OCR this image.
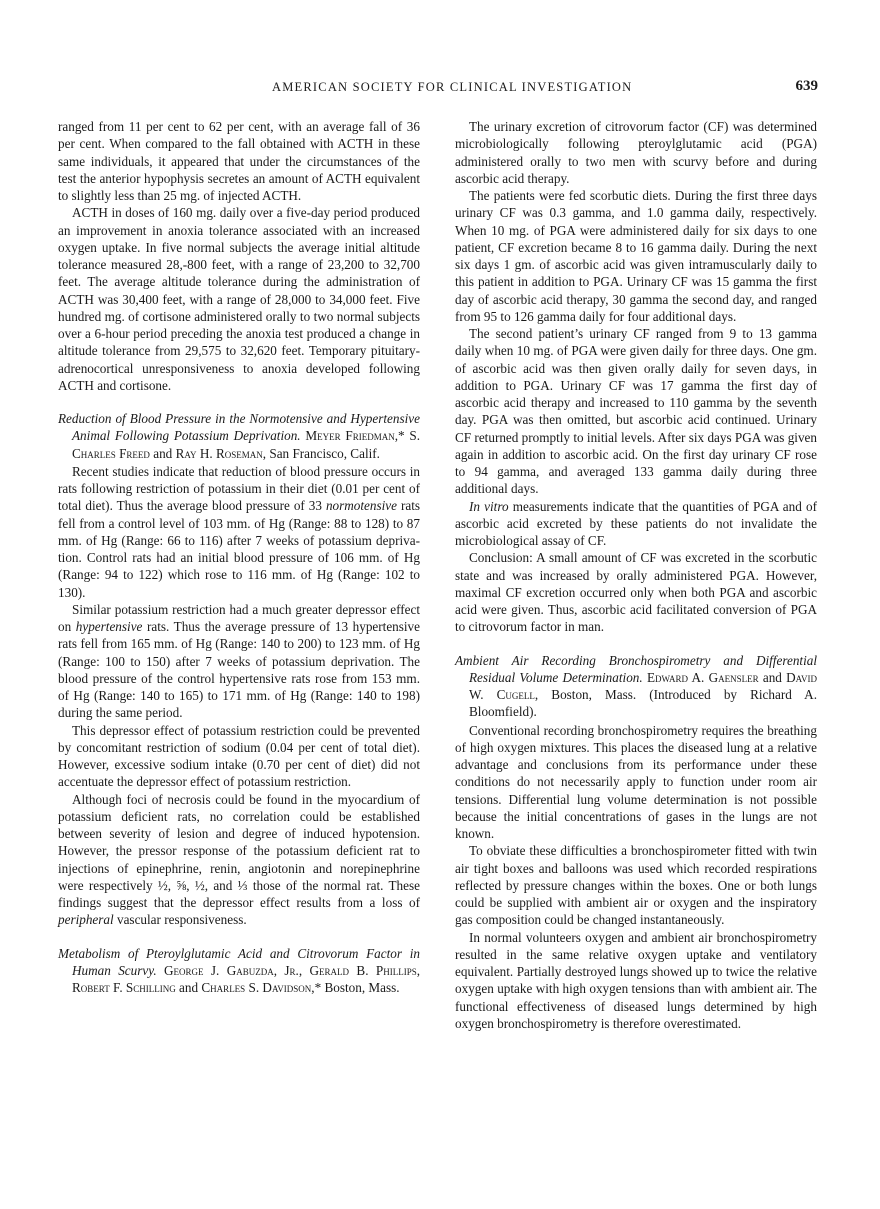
AMERICAN SOCIETY FOR CLINICAL INVESTIGATION	639

ranged from 11 per cent to 62 per cent, with an average fall of 36 per cent. When compared to the fall obtained with ACTH in these same individuals, it appeared that under the circumstances of the test the anterior hypophysis secretes an amount of ACTH equivalent to slightly less than 25 mg. of injected ACTH.

ACTH in doses of 160 mg. daily over a five-day period produced an improvement in anoxia tolerance associated with an increased oxygen uptake. In five normal subjects the average initial altitude tolerance measured 28,-800 feet, with a range of 23,200 to 32,700 feet. The average altitude tolerance during the administration of ACTH was 30,400 feet, with a range of 28,000 to 34,000 feet. Five hundred mg. of cortisone administered orally to two normal subjects over a 6-hour period preceding the anoxia test produced a change in altitude tolerance from 29,575 to 32,620 feet. Temporary pituitary-adrenocortical unresponsiveness to anoxia developed following ACTH and cortisone.

Reduction of Blood Pressure in the Normotensive and Hypertensive Animal Following Potassium Deprivation. Meyer Friedman,* S. Charles Freed and Ray H. Roseman, San Francisco, Calif.

Recent studies indicate that reduction of blood pressure occurs in rats following restriction of potassium in their diet (0.01 per cent of total diet). Thus the average blood pressure of 33 normotensive rats fell from a control level of 103 mm. of Hg (Range: 88 to 128) to 87 mm. of Hg (Range: 66 to 116) after 7 weeks of potassium deprivation. Control rats had an initial blood pressure of 106 mm. of Hg (Range: 94 to 122) which rose to 116 mm. of Hg (Range: 102 to 130).

Similar potassium restriction had a much greater depressor effect on hypertensive rats. Thus the average pressure of 13 hypertensive rats fell from 165 mm. of Hg (Range: 140 to 200) to 123 mm. of Hg (Range: 100 to 150) after 7 weeks of potassium deprivation. The blood pressure of the control hypertensive rats rose from 153 mm. of Hg (Range: 140 to 165) to 171 mm. of Hg (Range: 140 to 198) during the same period.

This depressor effect of potassium restriction could be prevented by concomitant restriction of sodium (0.04 per cent of total diet). However, excessive sodium intake (0.70 per cent of diet) did not accentuate the depressor effect of potassium restriction.

Although foci of necrosis could be found in the myocardium of potassium deficient rats, no correlation could be established between severity of lesion and degree of induced hypotension. However, the pressor response of the potassium deficient rat to injections of epinephrine, renin, angiotonin and norepinephrine were respectively ½, ⅝, ½, and ⅓ those of the normal rat. These findings suggest that the depressor effect results from a loss of peripheral vascular responsiveness.

Metabolism of Pteroylglutamic Acid and Citrovorum Factor in Human Scurvy. George J. Gabuzda, Jr., Gerald B. Phillips, Robert F. Schilling and Charles S. Davidson,* Boston, Mass.

The urinary excretion of citrovorum factor (CF) was determined microbiologically following pteroylglutamic acid (PGA) administered orally to two men with scurvy before and during ascorbic acid therapy.

The patients were fed scorbutic diets. During the first three days urinary CF was 0.3 gamma, and 1.0 gamma daily, respectively. When 10 mg. of PGA were administered daily for six days to one patient, CF excretion became 8 to 16 gamma daily. During the next six days 1 gm. of ascorbic acid was given intramuscularly daily to this patient in addition to PGA. Urinary CF was 15 gamma the first day of ascorbic acid therapy, 30 gamma the second day, and ranged from 95 to 126 gamma daily for four additional days.

The second patient’s urinary CF ranged from 9 to 13 gamma daily when 10 mg. of PGA were given daily for three days. One gm. of ascorbic acid was then given orally daily for seven days, in addition to PGA. Urinary CF was 17 gamma the first day of ascorbic acid therapy and increased to 110 gamma by the seventh day. PGA was then omitted, but ascorbic acid continued. Urinary CF returned promptly to initial levels. After six days PGA was given again in addition to ascorbic acid. On the first day urinary CF rose to 94 gamma, and averaged 133 gamma daily during three additional days.

In vitro measurements indicate that the quantities of PGA and of ascorbic acid excreted by these patients do not invalidate the microbiological assay of CF.

Conclusion: A small amount of CF was excreted in the scorbutic state and was increased by orally administered PGA. However, maximal CF excretion occurred only when both PGA and ascorbic acid were given. Thus, ascorbic acid facilitated conversion of PGA to citrovorum factor in man.

Ambient Air Recording Bronchospirometry and Differential Residual Volume Determination. Edward A. Gaensler and David W. Cugell, Boston, Mass. (Introduced by Richard A. Bloomfield).

Conventional recording bronchospirometry requires the breathing of high oxygen mixtures. This places the diseased lung at a relative advantage and conclusions from its performance under these conditions do not necessarily apply to function under room air tensions. Differential lung volume determination is not possible because the initial concentrations of gases in the lungs are not known.

To obviate these difficulties a bronchospirometer fitted with twin air tight boxes and balloons was used which recorded respirations reflected by pressure changes within the boxes. One or both lungs could be supplied with ambient air or oxygen and the inspiratory gas composition could be changed instantaneously.

In normal volunteers oxygen and ambient air bronchospirometry resulted in the same relative oxygen uptake and ventilatory equivalent. Partially destroyed lungs showed up to twice the relative oxygen uptake with high oxygen tensions than with ambient air. The functional effectiveness of diseased lungs determined by high oxygen bronchospirometry is therefore overestimated.
